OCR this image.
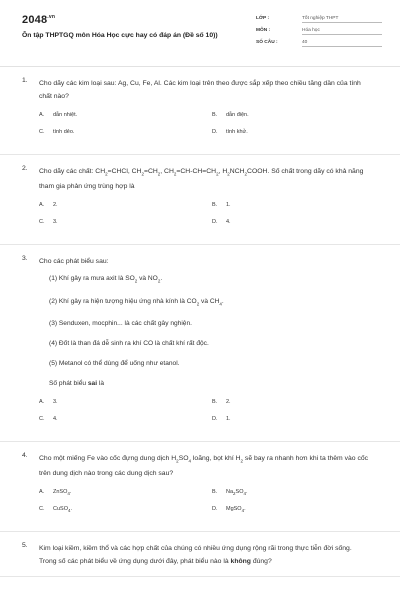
$2048^{.vn}$
Ôn tập THPTGQ môn Hóa Học cực hay có đáp án (Đề số 10))
LỚP :	Tốt nghiệp THPT
MÔN :	Hóa học
SỐ CÂU :	40
1. Cho dãy các kim loại sau: Ag, Cu, Fe, Al. Các kim loại trên theo được sắp xếp theo chiều tăng dần của tính chất nào?
A. dẫn nhiệt.	B. dẫn điện.
C. tính dẻo.	D. tính khử.
2. Cho dãy các chất: $CH_2=CHCl$, $CH_2=CH_2$, $CH_2=CH-CH=CH_2$, $H_2NCH_2COOH$. Số chất trong dãy có khả năng tham gia phản ứng trùng hợp là
A. 2.	B. 1.
C. 3.	D. 4.
3. Cho các phát biểu sau:
(1) Khí gây ra mưa axit là $SO_2$ và $NO_2$.
(2) Khí gây ra hiện tượng hiệu ứng nhà kính là $CO_2$ và $CH_4$.
(3) Senduxen, mocphin... là các chất gây nghiện.
(4) Đốt là than đá dễ sinh ra khí CO là chất khí rất độc.
(5) Metanol có thể dùng để uống như etanol.
Số phát biểu sai là
A. 3.	B. 2.
C. 4.	D. 1.
4. Cho một miếng Fe vào cốc đựng dung dịch $H_2SO_4$ loãng, bọt khí $H_2$ sẽ bay ra nhanh hơn khi ta thêm vào cốc trên dung dịch nào trong các dung dịch sau?
A. ZnSO$_4$.	B. $Na_2SO_4$.
C. CuSO$_4$.	D. MgSO$_4$.
5. Kim loại kiềm, kiềm thổ và các hợp chất của chúng có nhiều ứng dụng rộng rãi trong thực tiễn đời sống. Trong số các phát biểu về ứng dụng dưới đây, phát biểu nào là không đúng?
